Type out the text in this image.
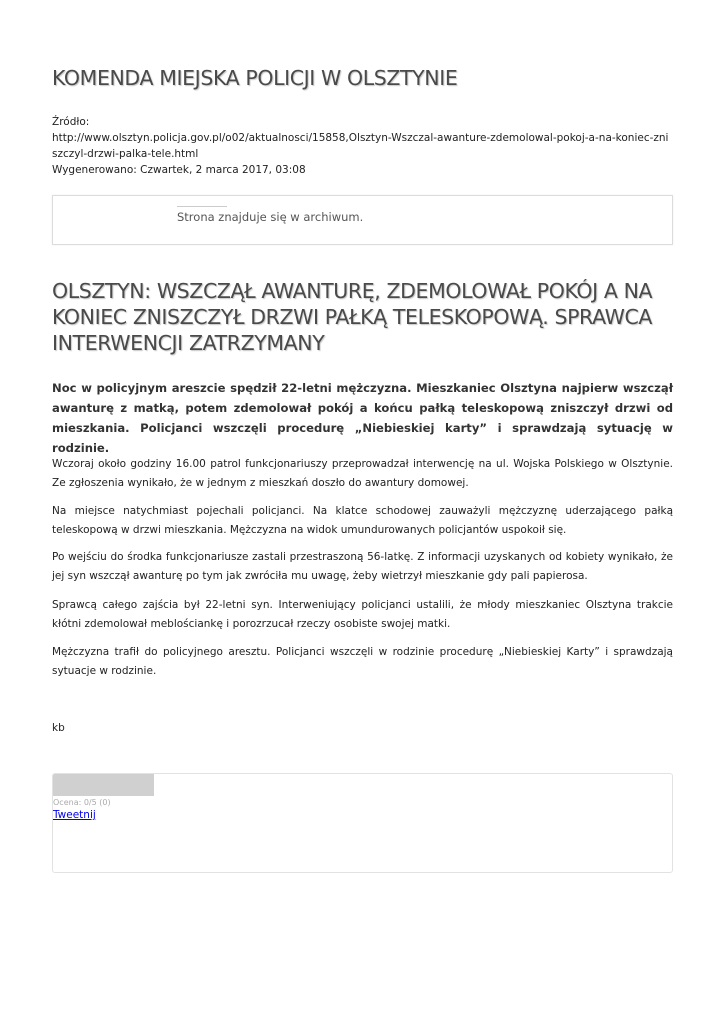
KOMENDA MIEJSKA POLICJI W OLSZTYNIE
Źródło:
http://www.olsztyn.policja.gov.pl/o02/aktualnosci/15858,Olsztyn-Wszczal-awanture-zdemolowal-pokoj-a-na-koniec-zniszczyl-drzwi-palka-tele.html
Wygenerowano: Czwartek, 2 marca 2017, 03:08
Strona znajduje się w archiwum.
OLSZTYN: WSZCZĄŁ AWANTURĘ, ZDEMOLOWAŁ POKÓJ A NA KONIEC ZNISZCZYŁ DRZWI PAŁKĄ TELESKOPOWĄ. SPRAWCA INTERWENCJI ZATRZYMANY

Noc w policyjnym areszcie spędził 22-letni mężczyzna. Mieszkaniec Olsztyna najpierw wszczął awanturę z matką, potem zdemolował pokój a końcu pałką teleskopową zniszczył drzwi od mieszkania. Policjanci wszczęli procedurę „Niebieskiej karty” i sprawdzają sytuację w rodzinie.

Wczoraj około godziny 16.00 patrol funkcjonariuszy przeprowadzał interwencję na ul. Wojska Polskiego w Olsztynie. Ze zgłoszenia wynikało, że w jednym z mieszkań doszło do awantury domowej.

Na miejsce natychmiast pojechali policjanci. Na klatce schodowej zauważyli mężczyznę uderzającego pałką teleskopową w drzwi mieszkania. Mężczyzna na widok umundurowanych policjantów uspokoił się.

Po wejściu do środka funkcjonariusze zastali przestraszoną 56-latkę. Z informacji uzyskanych od kobiety wynikało, że jej syn wszczął awanturę po tym jak zwróciła mu uwagę, żeby wietrzył mieszkanie gdy pali papierosa.

Sprawcą całego zajścia był 22-letni syn. Interweniujący policjanci ustalili, że młody mieszkaniec Olsztyna trakcie kłótni zdemolował meblościankę i porozrzucał rzeczy osobiste swojej matki.

Mężczyzna trafił do policyjnego aresztu. Policjanci wszczęli w rodzinie procedurę „Niebieskiej Karty” i sprawdzają sytuacje w rodzinie.

kb
Ocena: 0/5 (0)
Tweetnij
